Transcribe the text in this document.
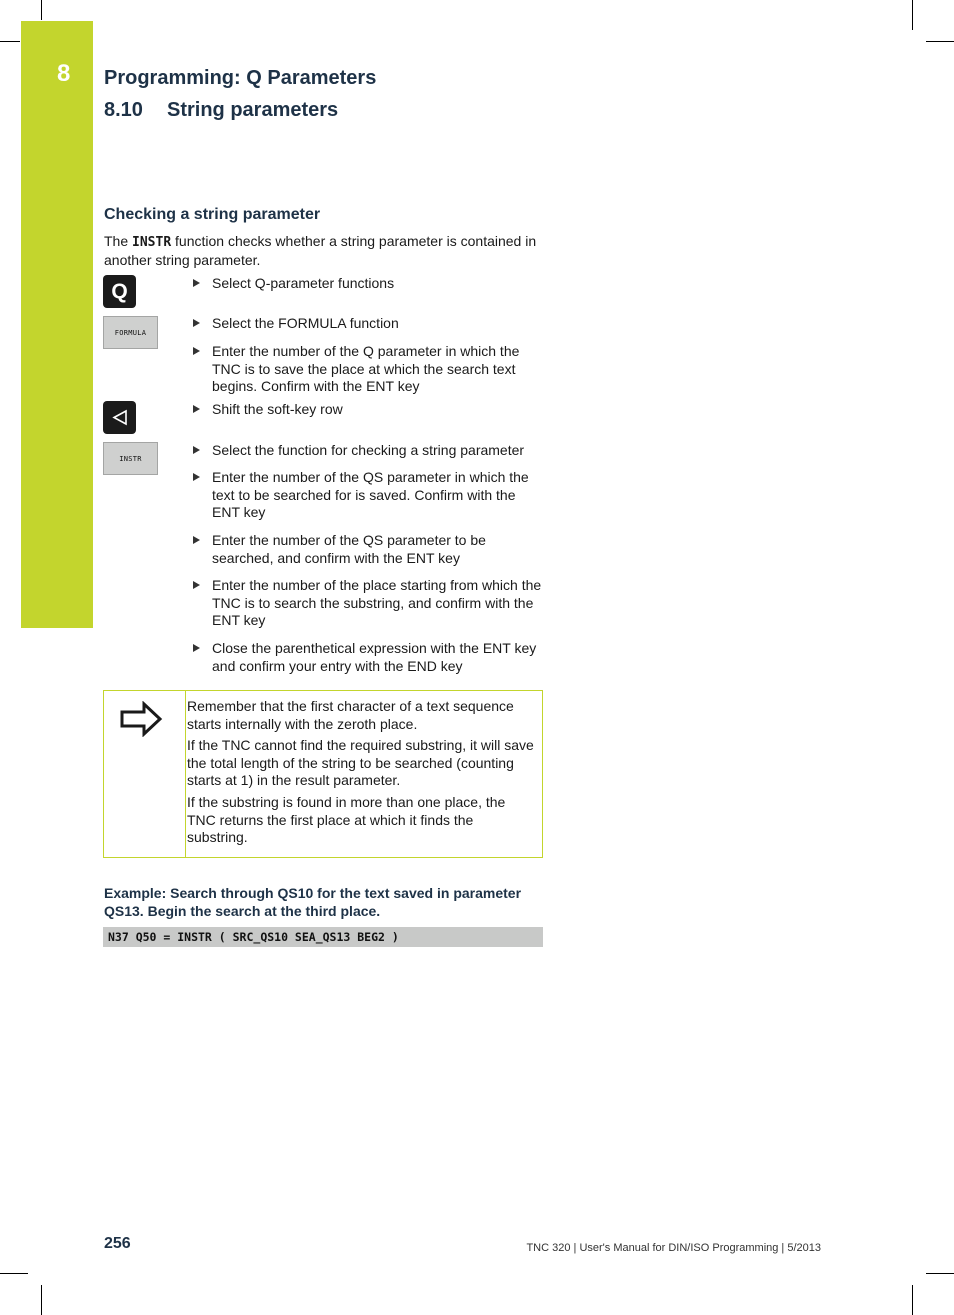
8	Programming: Q Parameters
8.10 String parameters
Checking a string parameter
The INSTR function checks whether a string parameter is contained in another string parameter.
Q
FORMULA
INSTR
Select Q-parameter functions
Select the FORMULA function
Enter the number of the Q parameter in which the TNC is to save the place at which the search text begins. Confirm with the ENT key
Shift the soft-key row
Select the function for checking a string parameter
Enter the number of the QS parameter in which the text to be searched for is saved. Confirm with the ENT key
Enter the number of the QS parameter to be searched, and confirm with the ENT key
Enter the number of the place starting from which the TNC is to search the substring, and confirm with the ENT key
Close the parenthetical expression with the ENT key and confirm your entry with the END key
Remember that the first character of a text sequence starts internally with the zeroth place.
If the TNC cannot find the required substring, it will save the total length of the string to be searched (counting starts at 1) in the result parameter.
If the substring is found in more than one place, the TNC returns the first place at which it finds the substring.
Example: Search through QS10 for the text saved in parameter QS13. Begin the search at the third place.
N37 Q50 = INSTR ( SRC_QS10 SEA_QS13 BEG2 )
256	TNC 320 | User's Manual for DIN/ISO Programming | 5/2013
